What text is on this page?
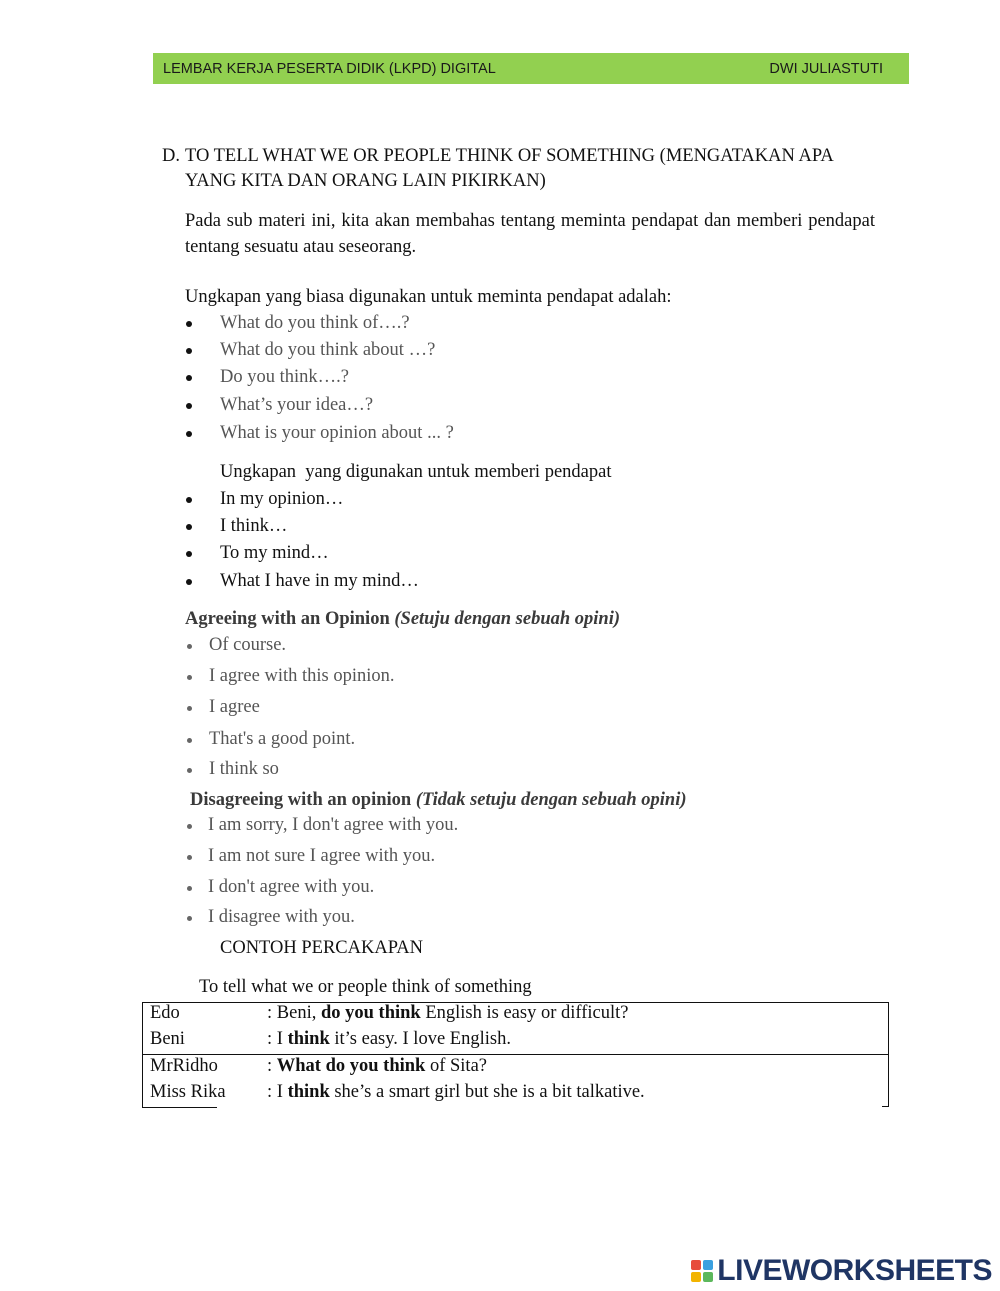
LEMBAR KERJA PESERTA DIDIK (LKPD) DIGITAL	DWI JULIASTUTI
D. TO TELL WHAT WE OR PEOPLE THINK OF SOMETHING (MENGATAKAN APA YANG KITA DAN ORANG LAIN PIKIRKAN)
Pada sub materi ini, kita akan membahas tentang meminta pendapat dan memberi pendapat tentang sesuatu atau seseorang.
Ungkapan yang biasa digunakan untuk meminta pendapat adalah:
What do you think of….?
What do you think about …?
Do you think….?
What’s your idea…?
What is your opinion about ... ?
Ungkapan  yang digunakan untuk memberi pendapat
In my opinion…
I think…
To my mind…
What I have in my mind…
Agreeing with an Opinion (Setuju dengan sebuah opini)
Of course.
I agree with this opinion.
I agree
That's a good point.
I think so
Disagreeing with an opinion (Tidak setuju dengan sebuah opini)
I am sorry, I don't agree with you.
I am not sure I agree with you.
I don't agree with you.
I disagree with you.
CONTOH PERCAKAPAN
To tell what we or people think of something
Edo	: Beni, do you think English is easy or difficult?
Beni	: I think it’s easy. I love English.
MrRidho	: What do you think of Sita?
Miss Rika : I think she’s a smart girl but she is a bit talkative.
LIVEWORKSHEETS
